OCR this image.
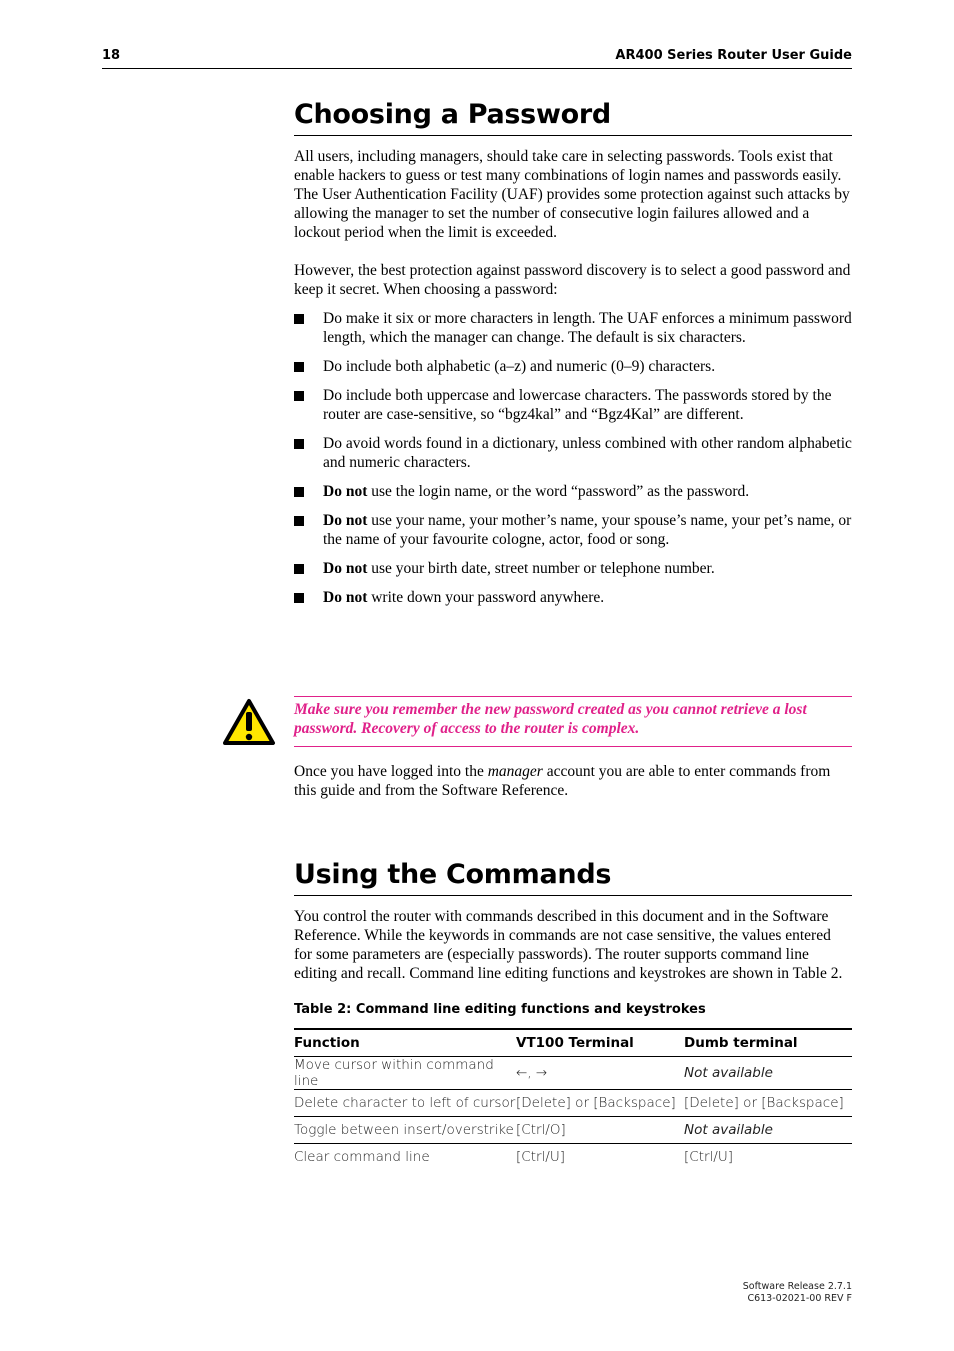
18	AR400 Series Router User Guide
Choosing a Password

All users, including managers, should take care in selecting passwords. Tools exist that enable hackers to guess or test many combinations of login names and passwords easily. The User Authentication Facility (UAF) provides some protection against such attacks by allowing the manager to set the number of consecutive login failures allowed and a lockout period when the limit is exceeded.

However, the best protection against password discovery is to select a good password and keep it secret. When choosing a password:

Do make it six or more characters in length. The UAF enforces a minimum password length, which the manager can change. The default is six characters.
Do include both alphabetic (a–z) and numeric (0–9) characters.
Do include both uppercase and lowercase characters. The passwords stored by the router are case-sensitive, so “bgz4kal” and “Bgz4Kal” are different.
Do avoid words found in a dictionary, unless combined with other random alphabetic and numeric characters.
Do not use the login name, or the word “password” as the password.
Do not use your name, your mother’s name, your spouse’s name, your pet’s name, or the name of your favourite cologne, actor, food or song.
Do not use your birth date, street number or telephone number.
Do not write down your password anywhere.

Make sure you remember the new password created as you cannot retrieve a lost password. Recovery of access to the router is complex.

Once you have logged into the manager account you are able to enter commands from this guide and from the Software Reference.

Using the Commands

You control the router with commands described in this document and in the Software Reference. While the keywords in commands are not case sensitive, the values entered for some parameters are (especially passwords). The router supports command line editing and recall. Command line editing functions and keystrokes are shown in Table 2.

Table 2: Command line editing functions and keystrokes
Function	VT100 Terminal	Dumb terminal
Move cursor within command line	←, →	Not available
Delete character to left of cursor	[Delete] or [Backspace]	[Delete] or [Backspace]
Toggle between insert/overstrike	[Ctrl/O]	Not available
Clear command line	[Ctrl/U]	[Ctrl/U]
Software Release 2.7.1
C613-02021-00 REV F
